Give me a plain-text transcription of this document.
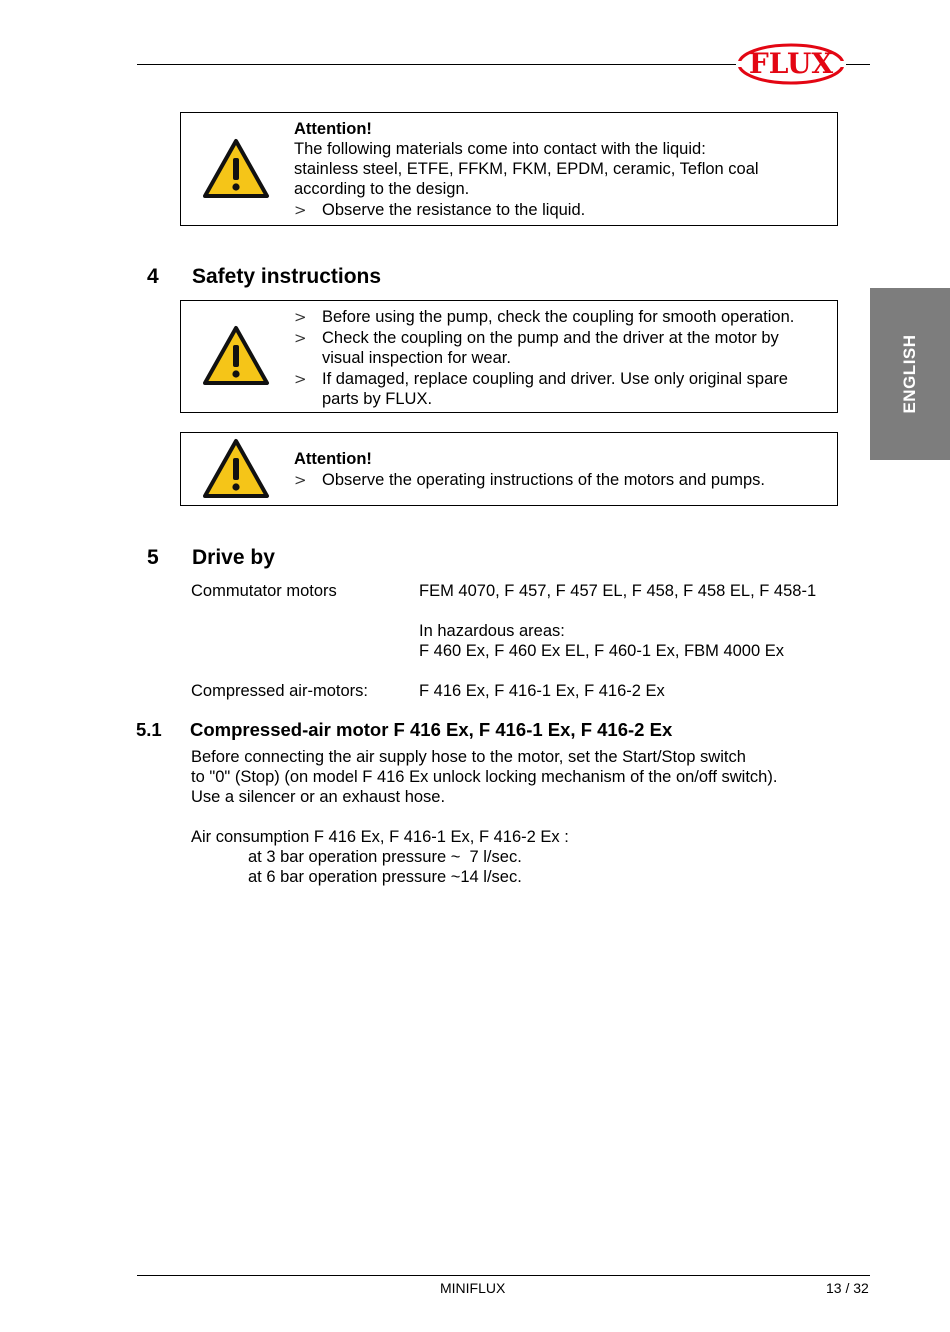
FLUX
ENGLISH
Attention!
The following materials come into contact with the liquid:
stainless steel, ETFE, FFKM, FKM, EPDM, ceramic, Teflon coal
according to the design.
> Observe the resistance to the liquid.
4 Safety instructions
> Before using the pump, check the coupling for smooth operation.
> Check the coupling on the pump and the driver at the motor by
visual inspection for wear.
> If damaged, replace coupling and driver. Use only original spare
parts by FLUX.
Attention!
> Observe the operating instructions of the motors and pumps.
5 Drive by
Commutator motors	FEM 4070, F 457, F 457 EL, F 458, F 458 EL, F 458-1
In hazardous areas:
F 460 Ex, F 460 Ex EL, F 460-1 Ex, FBM 4000 Ex
Compressed air-motors:	F 416 Ex, F 416-1 Ex, F 416-2 Ex
5.1 Compressed-air motor F 416 Ex, F 416-1 Ex, F 416-2 Ex
Before connecting the air supply hose to the motor, set the Start/Stop switch
to "0" (Stop) (on model F 416 Ex unlock locking mechanism of the on/off switch).
Use a silencer or an exhaust hose.
Air consumption F 416 Ex, F 416-1 Ex, F 416-2 Ex :
at 3 bar operation pressure ~  7 l/sec.
at 6 bar operation pressure ~14 l/sec.
MINIFLUX	13 / 32
